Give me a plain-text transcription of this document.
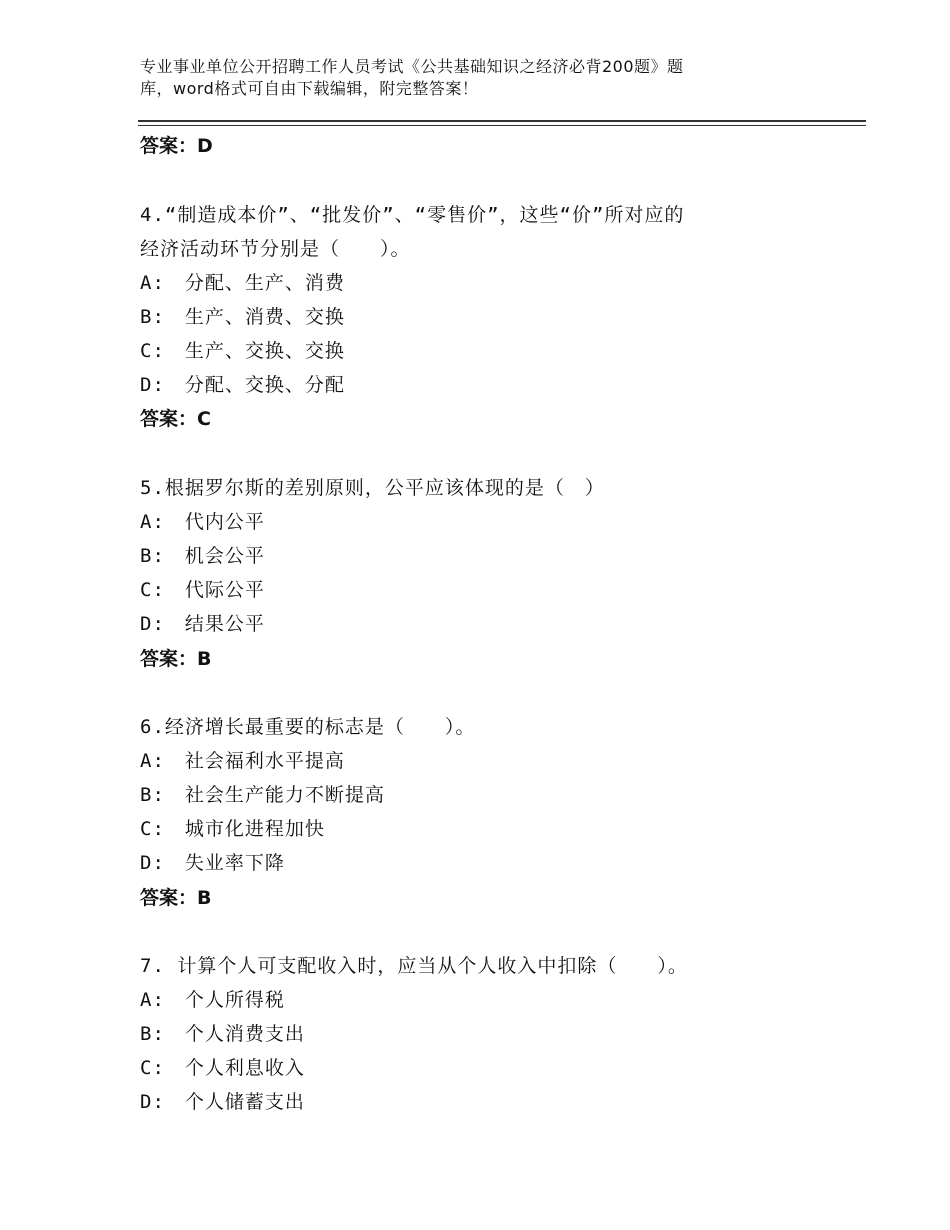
专业事业单位公开招聘工作人员考试《公共基础知识之经济必背200题》题
库，word格式可自由下载编辑，附完整答案！
答案：D
4.“制造成本价”、“批发价”、“零售价”，这些“价”所对应的
经济活动环节分别是（　　）。
A:　分配、生产、消费
B:　生产、消费、交换
C:　生产、交换、交换
D:　分配、交换、分配
答案：C
5.根据罗尔斯的差别原则，公平应该体现的是（　）
A:　代内公平
B:　机会公平
C:　代际公平
D:　结果公平
答案：B
6.经济增长最重要的标志是（　　）。
A:　社会福利水平提高
B:　社会生产能力不断提高
C:　城市化进程加快
D:　失业率下降
答案：B
7. 计算个人可支配收入时，应当从个人收入中扣除（　　）。
A:　个人所得税
B:　个人消费支出
C:　个人利息收入
D:　个人储蓄支出
